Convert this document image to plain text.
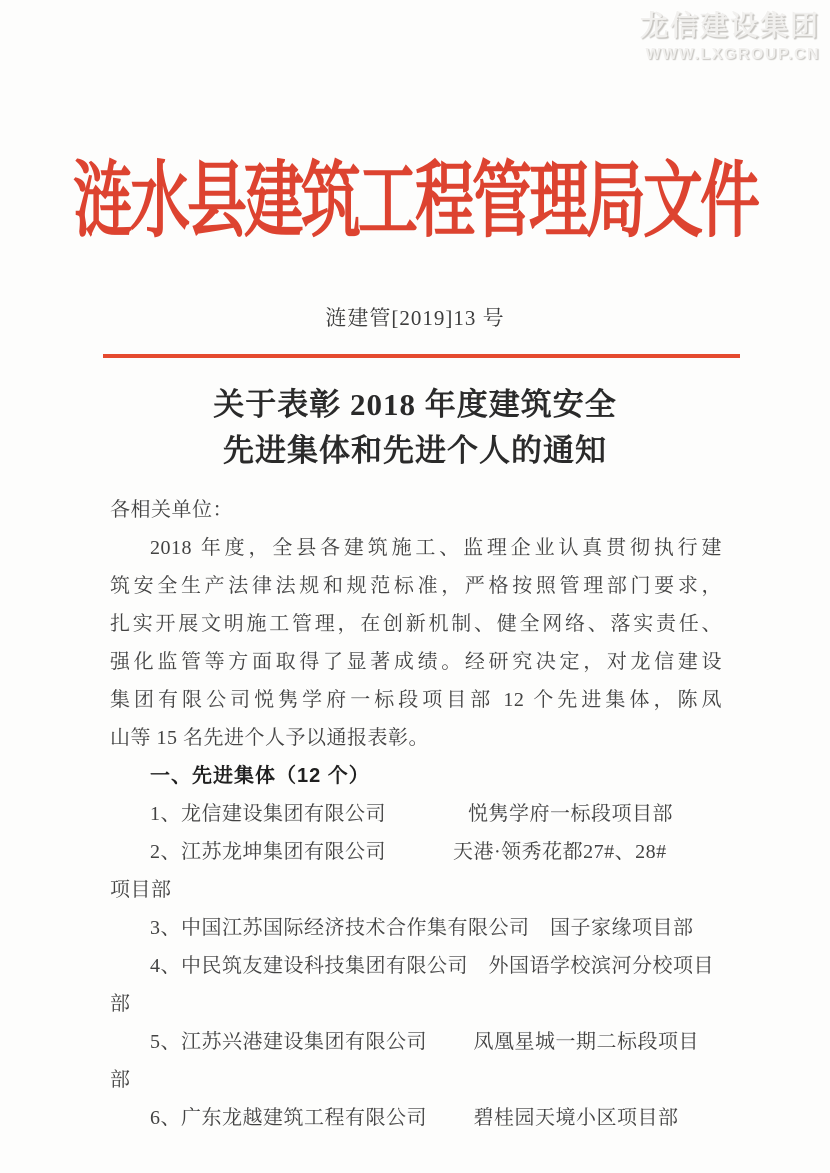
龙信建设集团
WWW.LXGROUP.CN
涟水县建筑工程管理局文件
涟建管[2019]13 号
关于表彰 2018 年度建筑安全
先进集体和先进个人的通知
各相关单位：
2018 年度，全县各建筑施工、监理企业认真贯彻执行建
筑安全生产法律法规和规范标准，严格按照管理部门要求，
扎实开展文明施工管理，在创新机制、健全网络、落实责任、
强化监管等方面取得了显著成绩。经研究决定，对龙信建设
集团有限公司悦隽学府一标段项目部 12 个先进集体，陈凤
山等 15 名先进个人予以通报表彰。
一、先进集体（12 个）
1、龙信建设集团有限公司　　　　悦隽学府一标段项目部
2、江苏龙坤集团有限公司　　　 天港·领秀花都27#、28#
项目部
3、中国江苏国际经济技术合作集有限公司　国子家缘项目部
4、中民筑友建设科技集团有限公司　外国语学校滨河分校项目
部
5、江苏兴港建设集团有限公司　　 凤凰星城一期二标段项目
部
6、广东龙越建筑工程有限公司　　 碧桂园天境小区项目部
